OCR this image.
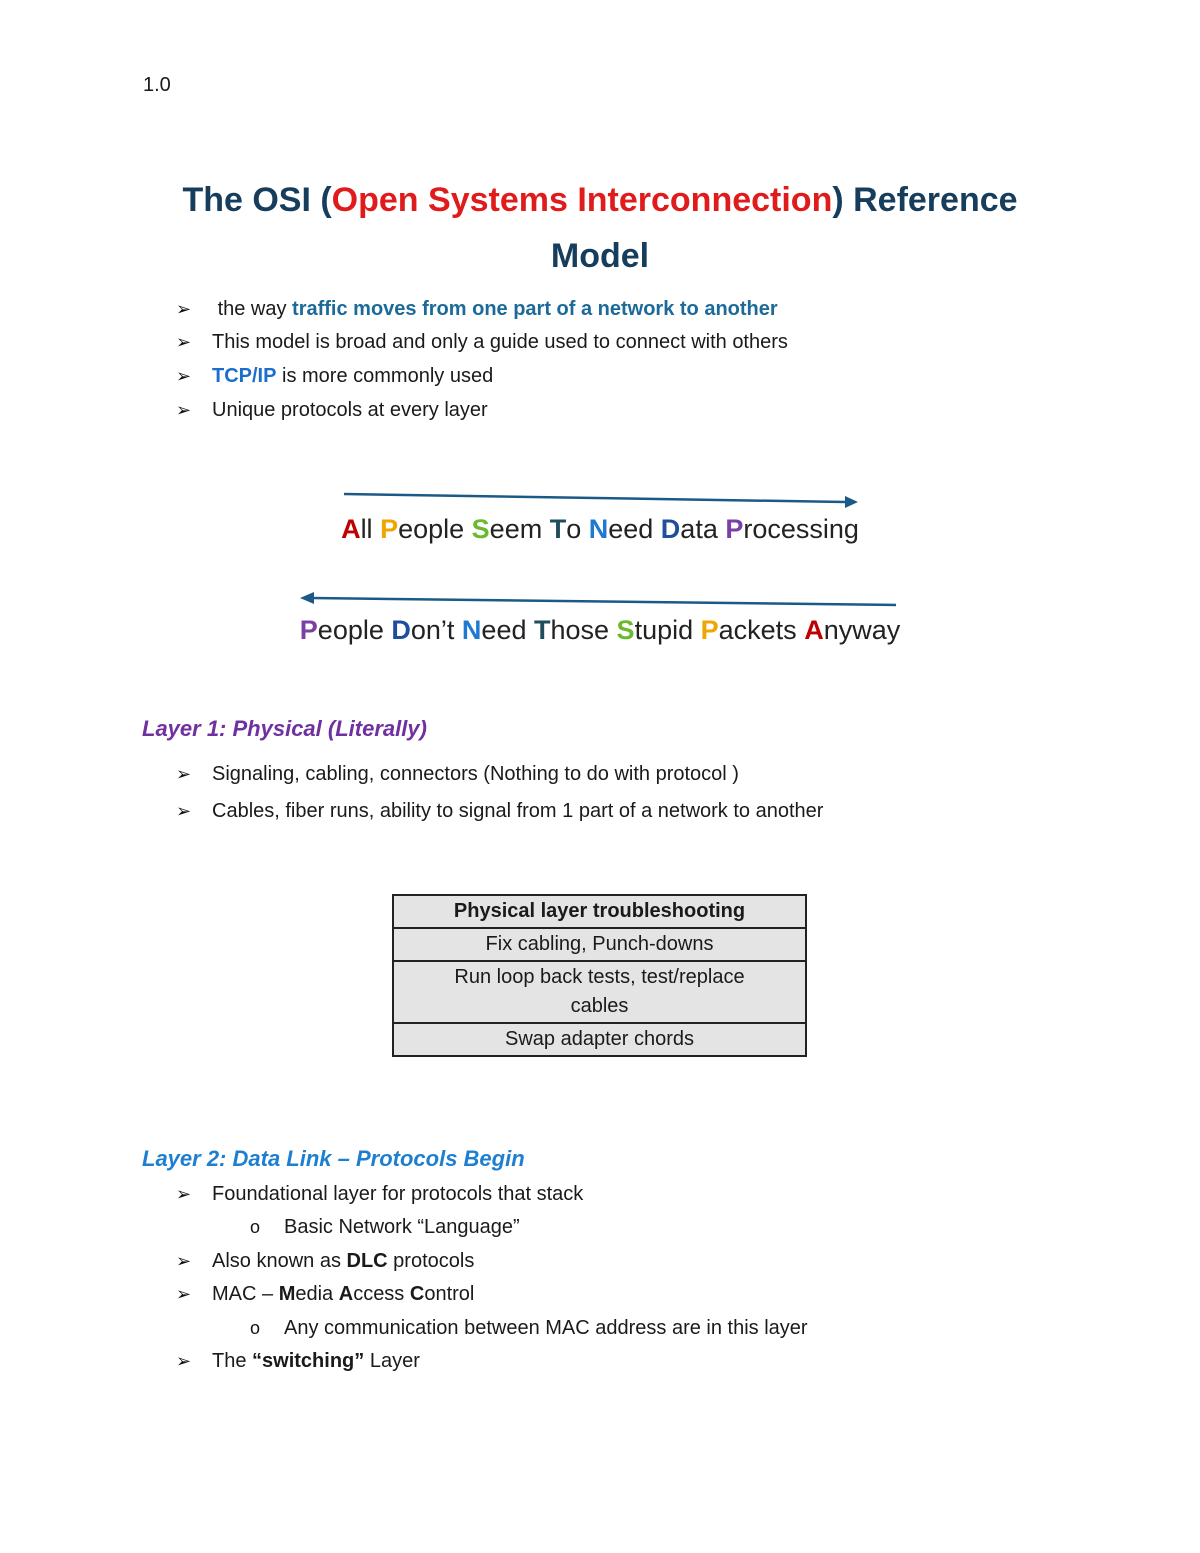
1.0
The OSI (Open Systems Interconnection) Reference
Model
➢ the way traffic moves from one part of a network to another
➢ This model is broad and only a guide used to connect with others
➢ TCP/IP is more commonly used
➢ Unique protocols at every layer
All People Seem To Need Data Processing
People Don’t Need Those Stupid Packets Anyway
Layer 1: Physical (Literally)
➢ Signaling, cabling, connectors (Nothing to do with protocol )
➢ Cables, fiber runs, ability to signal from 1 part of a network to another
Physical layer troubleshooting
Fix cabling, Punch-downs
Run loop back tests, test/replace cables
Swap adapter chords
Layer 2: Data Link – Protocols Begin
➢ Foundational layer for protocols that stack
o Basic Network “Language”
➢ Also known as DLC protocols
➢ MAC – Media Access Control
o Any communication between MAC address are in this layer
➢ The “switching” Layer
